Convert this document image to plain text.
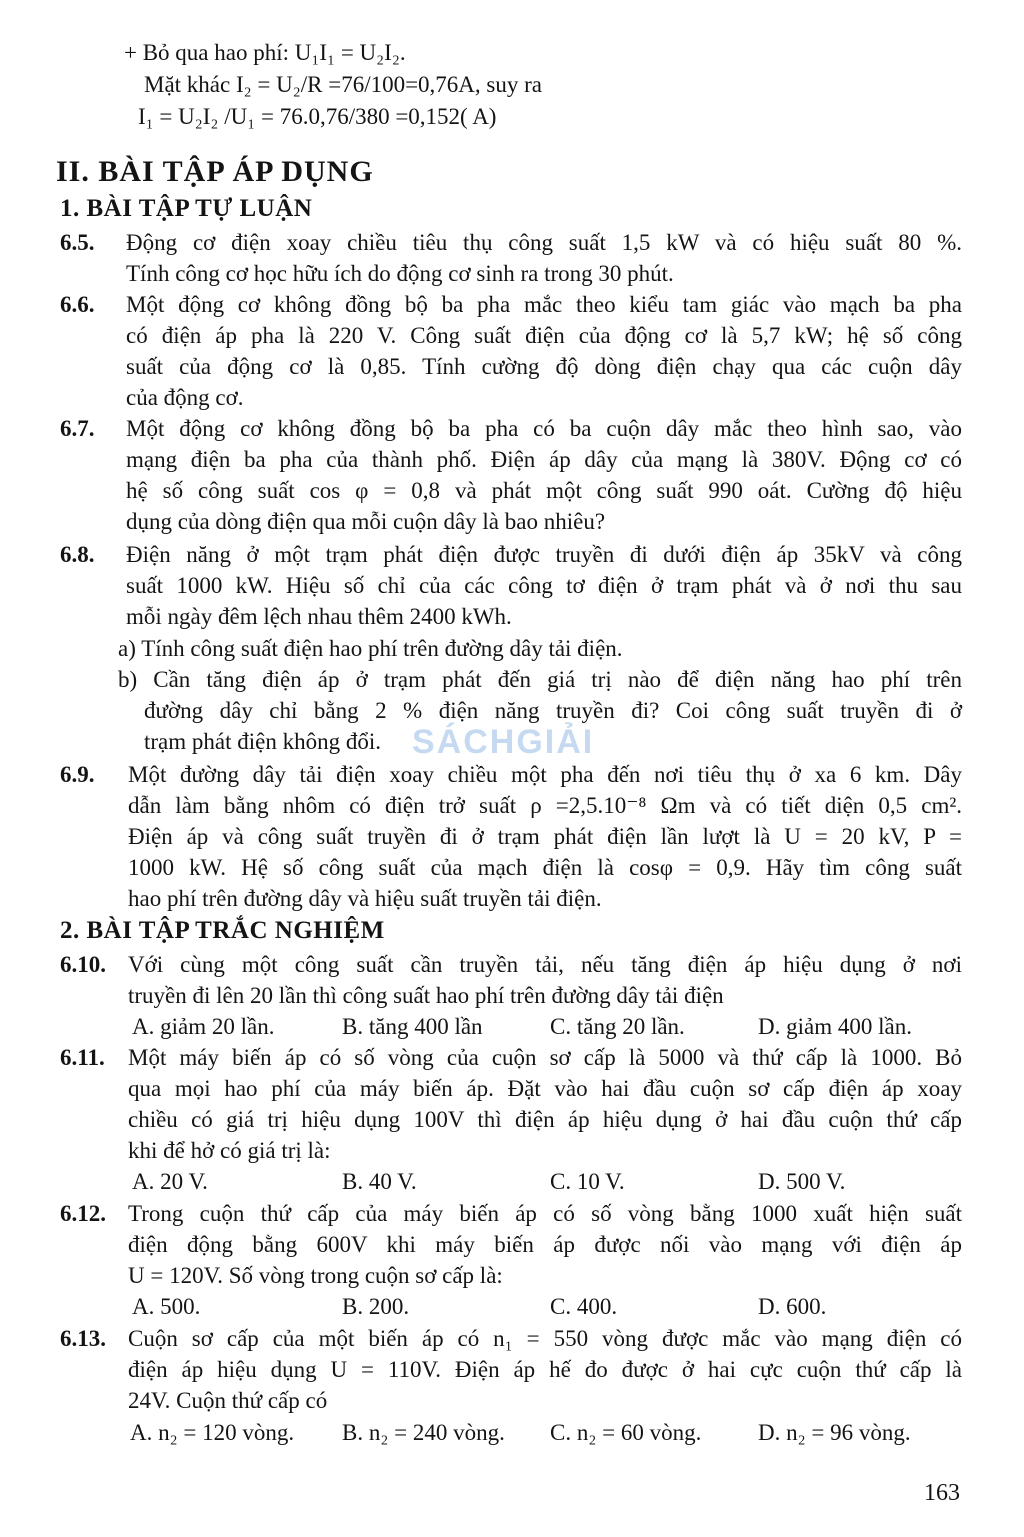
+ Bỏ qua hao phí: U₁I₁ = U₂I₂.
Mặt khác I₂ = U₂/R =76/100=0,76A, suy ra
I₁ = U₂I₂ /U₁ = 76.0,76/380 =0,152( A)
II. BÀI TẬP ÁP DỤNG
1. BÀI TẬP TỰ LUẬN
6.5. Động cơ điện xoay chiều tiêu thụ công suất 1,5 kW và có hiệu suất 80 %.
Tính công cơ học hữu ích do động cơ sinh ra trong 30 phút.
6.6. Một động cơ không đồng bộ ba pha mắc theo kiểu tam giác vào mạch ba pha
có điện áp pha là 220 V. Công suất điện của động cơ là 5,7 kW; hệ số công
suất của động cơ là 0,85. Tính cường độ dòng điện chạy qua các cuộn dây
của động cơ.
6.7. Một động cơ không đồng bộ ba pha có ba cuộn dây mắc theo hình sao, vào
mạng điện ba pha của thành phố. Điện áp dây của mạng là 380V. Động cơ có
hệ số công suất cos φ = 0,8 và phát một công suất 990 oát. Cường độ hiệu
dụng của dòng điện qua mỗi cuộn dây là bao nhiêu?
6.8. Điện năng ở một trạm phát điện được truyền đi dưới điện áp 35kV và công
suất 1000 kW. Hiệu số chỉ của các công tơ điện ở trạm phát và ở nơi thu sau
mỗi ngày đêm lệch nhau thêm 2400 kWh.
a) Tính công suất điện hao phí trên đường dây tải điện.
b) Cần tăng điện áp ở trạm phát đến giá trị nào để điện năng hao phí trên
đường dây chỉ bằng 2 % điện năng truyền đi? Coi công suất truyền đi ở
trạm phát điện không đổi. SÁCHGIẢI
6.9. Một đường dây tải điện xoay chiều một pha đến nơi tiêu thụ ở xa 6 km. Dây
dẫn làm bằng nhôm có điện trở suất ρ =2,5.10⁻⁸ Ωm và có tiết diện 0,5 cm².
Điện áp và công suất truyền đi ở trạm phát điện lần lượt là U = 20 kV, P =
1000 kW. Hệ số công suất của mạch điện là cosφ = 0,9. Hãy tìm công suất
hao phí trên đường dây và hiệu suất truyền tải điện.
2. BÀI TẬP TRẮC NGHIỆM
6.10. Với cùng một công suất cần truyền tải, nếu tăng điện áp hiệu dụng ở nơi
truyền đi lên 20 lần thì công suất hao phí trên đường dây tải điện
A. giảm 20 lần.	B. tăng 400 lần	C. tăng 20 lần.	D. giảm 400 lần.
6.11. Một máy biến áp có số vòng của cuộn sơ cấp là 5000 và thứ cấp là 1000. Bỏ
qua mọi hao phí của máy biến áp. Đặt vào hai đầu cuộn sơ cấp điện áp xoay
chiều có giá trị hiệu dụng 100V thì điện áp hiệu dụng ở hai đầu cuộn thứ cấp
khi để hở có giá trị là:
A. 20 V.	B. 40 V.	C. 10 V.	D. 500 V.
6.12. Trong cuộn thứ cấp của máy biến áp có số vòng bằng 1000 xuất hiện suất
điện động bằng 600V khi máy biến áp được nối vào mạng với điện áp
U = 120V. Số vòng trong cuộn sơ cấp là:
A. 500.	B. 200.	C. 400.	D. 600.
6.13. Cuộn sơ cấp của một biến áp có n₁ = 550 vòng được mắc vào mạng điện có
điện áp hiệu dụng U = 110V. Điện áp hế đo được ở hai cực cuộn thứ cấp là
24V. Cuộn thứ cấp có
A. n₂ = 120 vòng. B. n₂ = 240 vòng. C. n₂ = 60 vòng. D. n₂ = 96 vòng.
163
